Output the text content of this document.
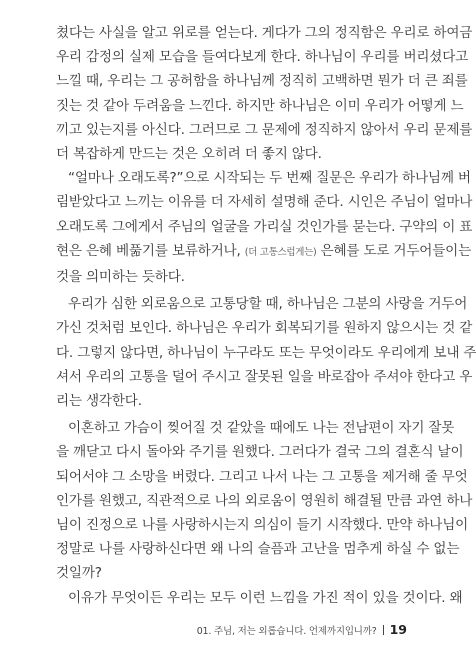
쳤다는 사실을 알고 위로를 얻는다. 게다가 그의 정직함은 우리로 하여금
우리 감정의 실제 모습을 들여다보게 한다. 하나님이 우리를 버리셨다고
느낄 때, 우리는 그 공허함을 하나님께 정직히 고백하면 뭔가 더 큰 죄를
짓는 것 같아 두려움을 느낀다. 하지만 하나님은 이미 우리가 어떻게 느
끼고 있는지를 아신다. 그러므로 그 문제에 정직하지 않아서 우리 문제를
더 복잡하게 만드는 것은 오히려 더 좋지 않다.

“얼마나 오래도록?”으로 시작되는 두 번째 질문은 우리가 하나님께 버
림받았다고 느끼는 이유를 더 자세히 설명해 준다. 시인은 주님이 얼마나
오래도록 그에게서 주님의 얼굴을 가리실 것인가를 묻는다. 구약의 이 표
현은 은혜 베풂기를 보류하거나, (더 고통스럽게는) 은혜를 도로 거두어들이는
것을 의미하는 듯하다.

우리가 심한 외로움으로 고통당할 때, 하나님은 그분의 사랑을 거두어
가신 것처럼 보인다. 하나님은 우리가 회복되기를 원하지 않으시는 것 같
다. 그렇지 않다면, 하나님이 누구라도 또는 무엇이라도 우리에게 보내 주
셔서 우리의 고통을 덜어 주시고 잘못된 일을 바로잡아 주셔야 한다고 우
리는 생각한다.

이혼하고 가슴이 찢어질 것 같았을 때에도 나는 전남편이 자기 잘못
을 깨닫고 다시 돌아와 주기를 원했다. 그러다가 결국 그의 결혼식 날이
되어서야 그 소망을 버렸다. 그리고 나서 나는 그 고통을 제거해 줄 무엇
인가를 원했고, 직관적으로 나의 외로움이 영원히 해결될 만큼 과연 하나
님이 진정으로 나를 사랑하시는지 의심이 들기 시작했다. 만약 하나님이
정말로 나를 사랑하신다면 왜 나의 슬픔과 고난을 멈추게 하실 수 없는
것일까?

이유가 무엇이든 우리는 모두 이런 느낌을 가진 적이 있을 것이다. 왜

01. 주님, 저는 외롭습니다. 언제까지입니까? 19
